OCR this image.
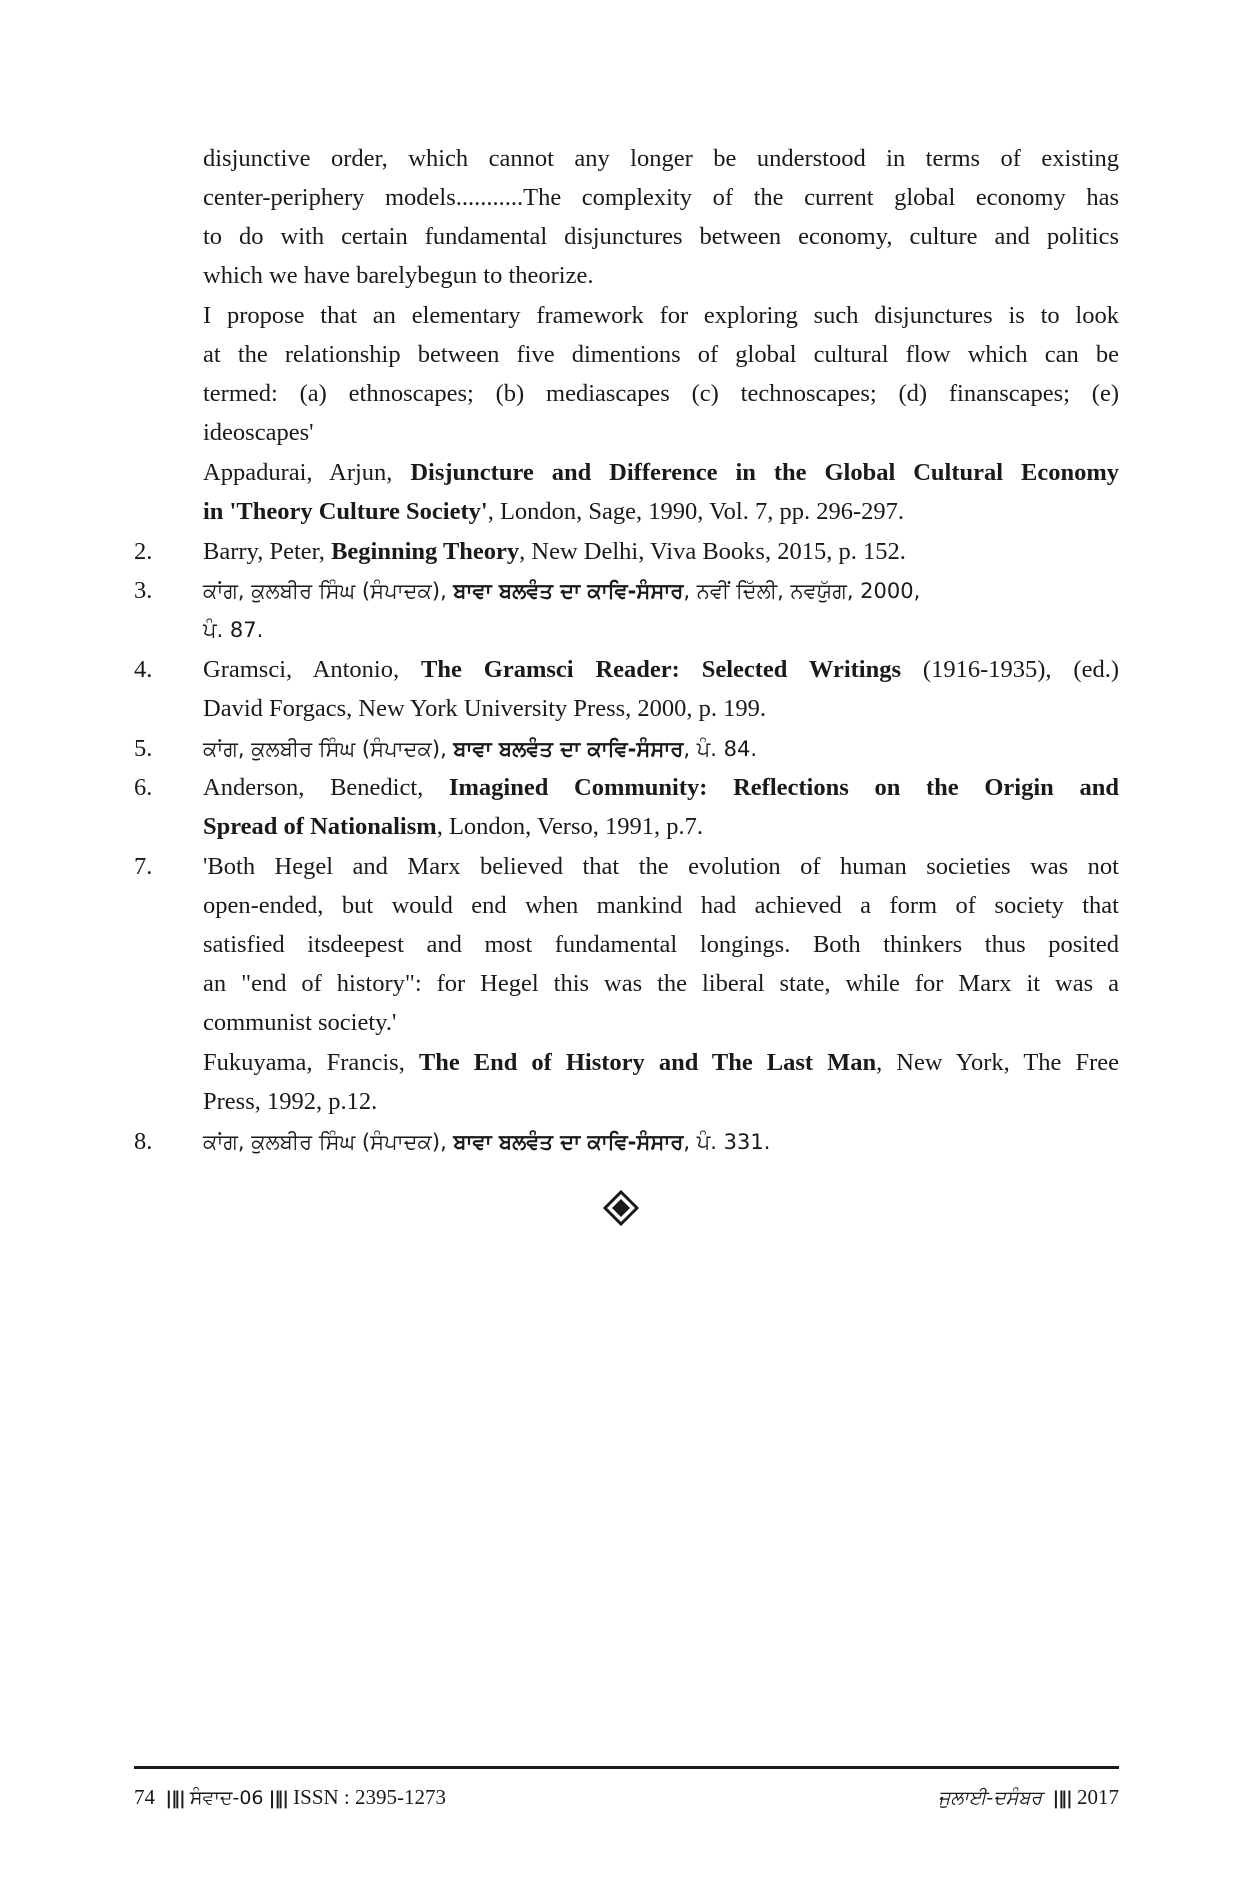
disjunctive order, which cannot any longer be understood in terms of existing
center-periphery models...........The complexity of the current global economy has
to do with certain fundamental disjunctures between economy, culture and politics
which we have barelybegun to theorize.
I propose that an elementary framework for exploring such disjunctures is to look
at the relationship between five dimentions of global cultural flow which can be
termed: (a) ethnoscapes; (b) mediascapes (c) technoscapes; (d) finanscapes; (e)
ideoscapes'
Appadurai, Arjun, Disjuncture and Difference in the Global Cultural Economy
in 'Theory Culture Society', London, Sage, 1990, Vol. 7, pp. 296-297.
2. Barry, Peter, Beginning Theory, New Delhi, Viva Books, 2015, p. 152.
3. ਕਾਂਗ, ਕੁਲਬੀਰ ਸਿੰਘ (ਸੰਪਾਦਕ), ਬਾਵਾ ਬਲਵੰਤ ਦਾ ਕਾਵਿ-ਸੰਸਾਰ, ਨਵੀਂ ਦਿੱਲੀ, ਨਵਯੁੱਗ, 2000,
ਪੰ. 87.
4. Gramsci, Antonio, The Gramsci Reader: Selected Writings (1916-1935), (ed.)
David Forgacs, New York University Press, 2000, p. 199.
5. ਕਾਂਗ, ਕੁਲਬੀਰ ਸਿੰਘ (ਸੰਪਾਦਕ), ਬਾਵਾ ਬਲਵੰਤ ਦਾ ਕਾਵਿ-ਸੰਸਾਰ, ਪੰ. 84.
6. Anderson, Benedict, Imagined Community: Reflections on the Origin and
Spread of Nationalism, London, Verso, 1991, p.7.
7. 'Both Hegel and Marx believed that the evolution of human societies was not
open-ended, but would end when mankind had achieved a form of society that
satisfied itsdeepest and most fundamental longings. Both thinkers thus posited
an "end of history": for Hegel this was the liberal state, while for Marx it was a
communist society.'
Fukuyama, Francis, The End of History and The Last Man, New York, The Free
Press, 1992, p.12.
8. ਕਾਂਗ, ਕੁਲਬੀਰ ਸਿੰਘ (ਸੰਪਾਦਕ), ਬਾਵਾ ਬਲਵੰਤ ਦਾ ਕਾਵਿ-ਸੰਸਾਰ, ਪੰ. 331.
74 |‖| ਸੰਵਾਦ-06 |‖| ISSN : 2395-1273	ਜੁਲਾਈ-ਦਸੰਬਰ |‖| 2017
